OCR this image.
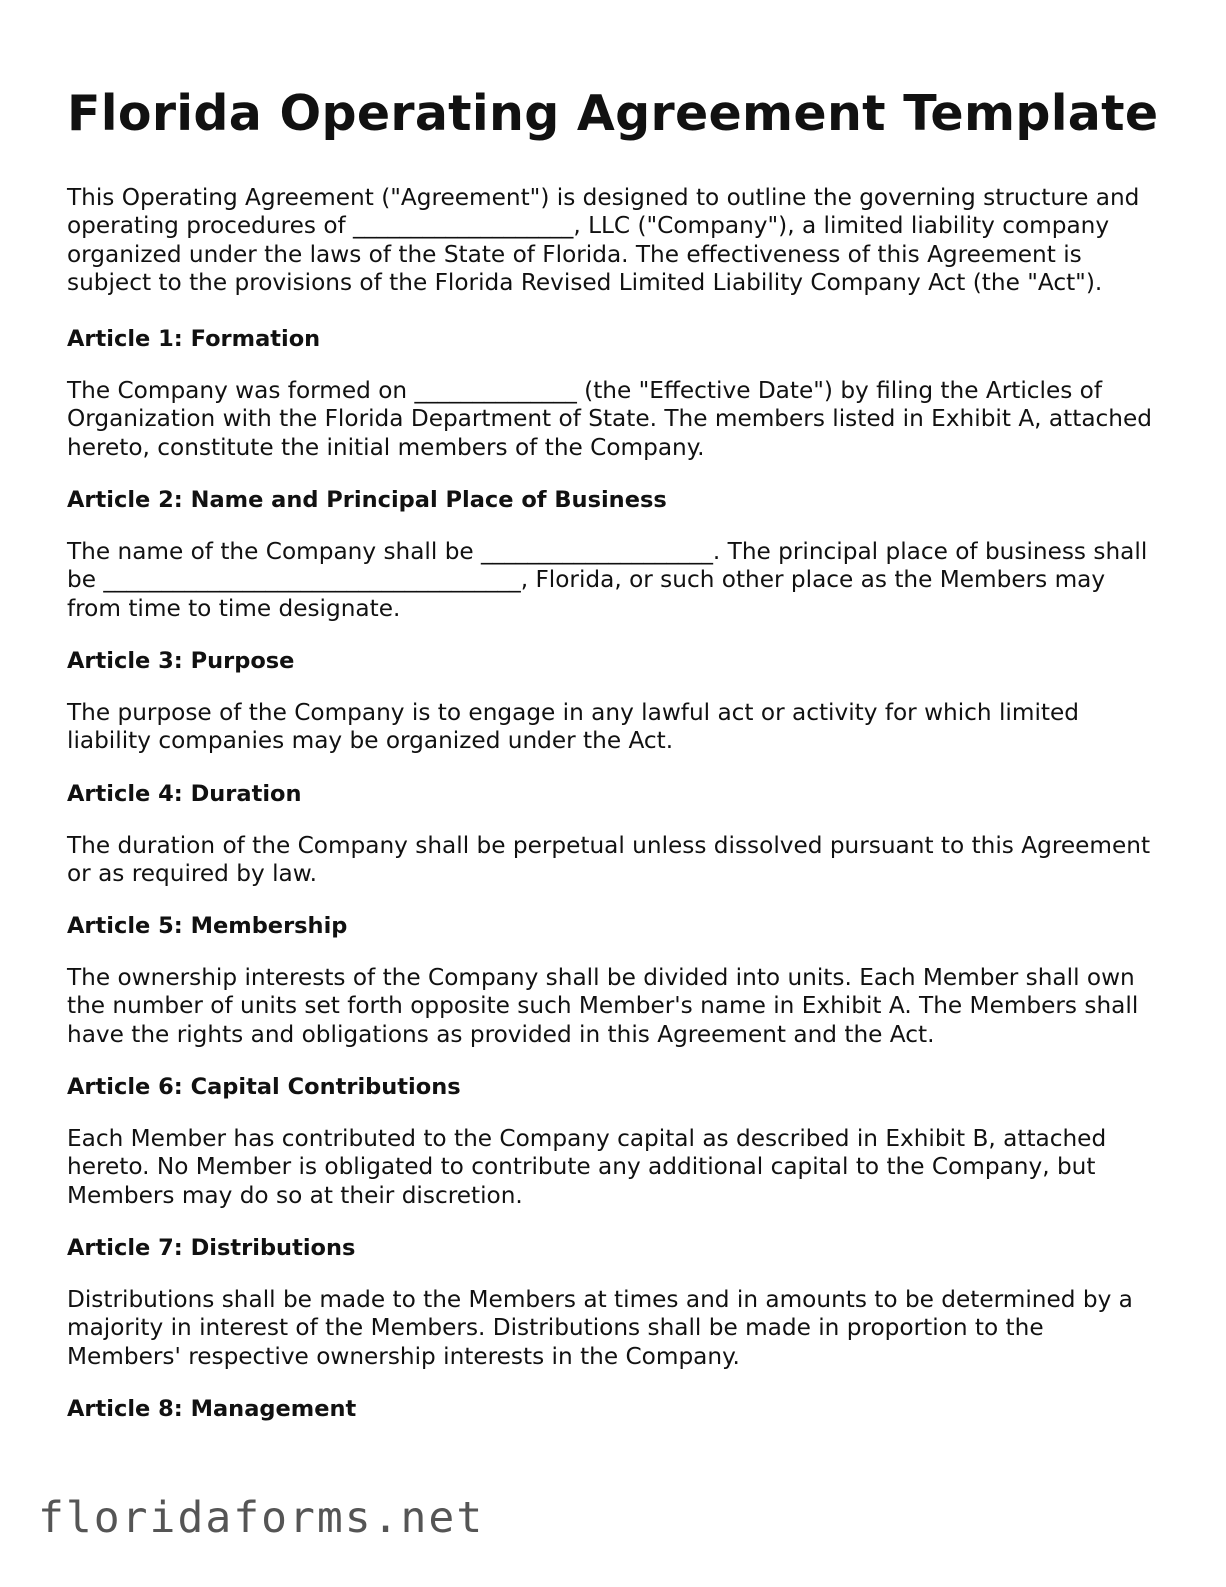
Florida Operating Agreement Template

This Operating Agreement ("Agreement") is designed to outline the governing structure and operating procedures of ___________________, LLC ("Company"), a limited liability company organized under the laws of the State of Florida. The effectiveness of this Agreement is subject to the provisions of the Florida Revised Limited Liability Company Act (the "Act").

Article 1: Formation

The Company was formed on ______________ (the "Effective Date") by filing the Articles of Organization with the Florida Department of State. The members listed in Exhibit A, attached hereto, constitute the initial members of the Company.

Article 2: Name and Principal Place of Business

The name of the Company shall be ____________________. The principal place of business shall be ____________________________________, Florida, or such other place as the Members may from time to time designate.

Article 3: Purpose

The purpose of the Company is to engage in any lawful act or activity for which limited liability companies may be organized under the Act.

Article 4: Duration

The duration of the Company shall be perpetual unless dissolved pursuant to this Agreement or as required by law.

Article 5: Membership

The ownership interests of the Company shall be divided into units. Each Member shall own the number of units set forth opposite such Member's name in Exhibit A. The Members shall have the rights and obligations as provided in this Agreement and the Act.

Article 6: Capital Contributions

Each Member has contributed to the Company capital as described in Exhibit B, attached hereto. No Member is obligated to contribute any additional capital to the Company, but Members may do so at their discretion.

Article 7: Distributions

Distributions shall be made to the Members at times and in amounts to be determined by a majority in interest of the Members. Distributions shall be made in proportion to the Members' respective ownership interests in the Company.

Article 8: Management
floridaforms.net
